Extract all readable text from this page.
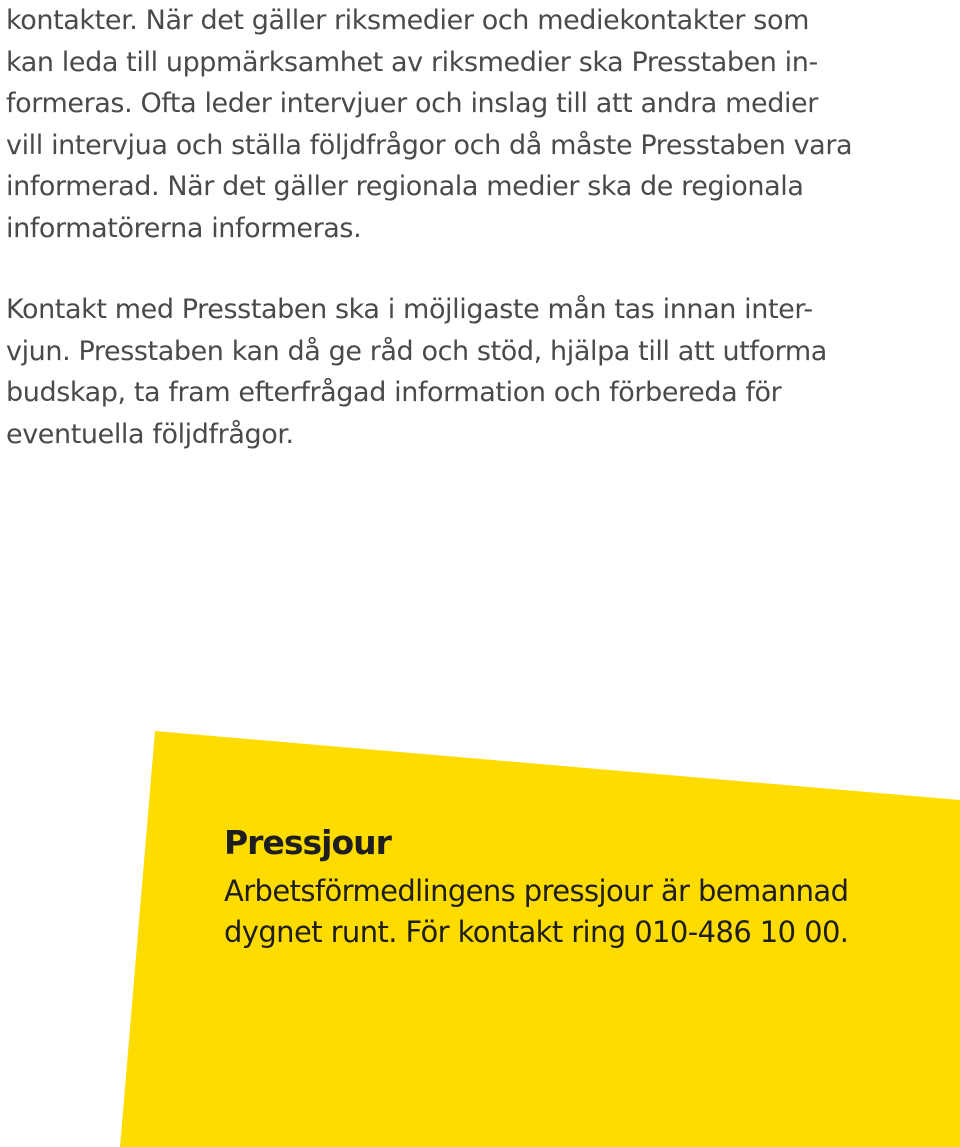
kontakter. När det gäller riksmedier och mediekontakter som
kan leda till uppmärksamhet av riksmedier ska Presstaben in-
formeras. Ofta leder intervjuer och inslag till att andra medier
vill intervjua och ställa följdfrågor och då måste Presstaben vara
informerad. När det gäller regionala medier ska de regionala
informatörerna informeras.
Kontakt med Presstaben ska i möjligaste mån tas innan inter-
vjun. Presstaben kan då ge råd och stöd, hjälpa till att utforma
budskap, ta fram efterfrågad information och förbereda för
eventuella följdfrågor.
Pressjour
Arbetsförmedlingens pressjour är bemannad
dygnet runt. För kontakt ring 010-486 10 00.
